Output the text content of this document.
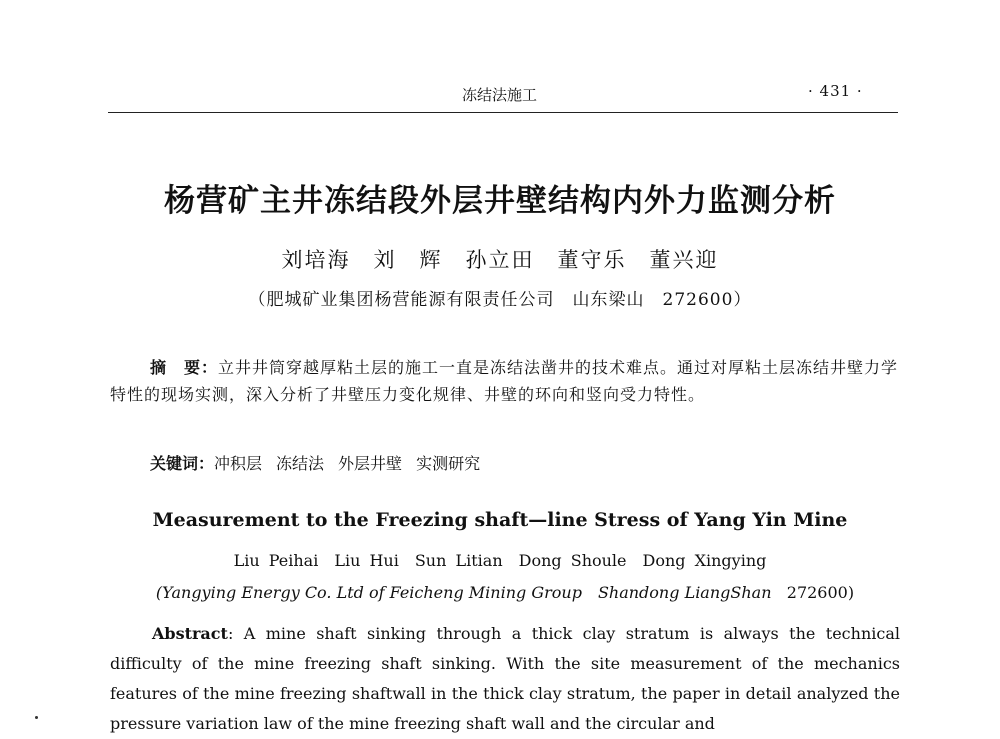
冻结法施工	· 431 ·
杨营矿主井冻结段外层井壁结构内外力监测分析
刘培海　刘　辉　孙立田　董守乐　董兴迎
（肥城矿业集团杨营能源有限责任公司　山东梁山　272600）
摘　要：立井井筒穿越厚粘土层的施工一直是冻结法凿井的技术难点。通过对厚粘土层冻结井壁力学特性的现场实测，深入分析了井壁压力变化规律、井壁的环向和竖向受力特性。
关键词：冲积层 冻结法 外层井壁 实测研究
Measurement to the Freezing shaft—line Stress of Yang Yin Mine
Liu Peihai　Liu Hui　Sun Litian　Dong Shoule　Dong Xingying
(Yangying Energy Co. Ltd of Feicheng Mining Group　Shandong LiangShan 272600)
Abstract: A mine shaft sinking through a thick clay stratum is always the technical difficulty of the mine freezing shaft sinking. With the site measurement of the mechanics features of the mine freezing shaftwall in the thick clay stratum, the paper in detail analyzed the pressure variation law of the mine freezing shaft wall and the circular and
